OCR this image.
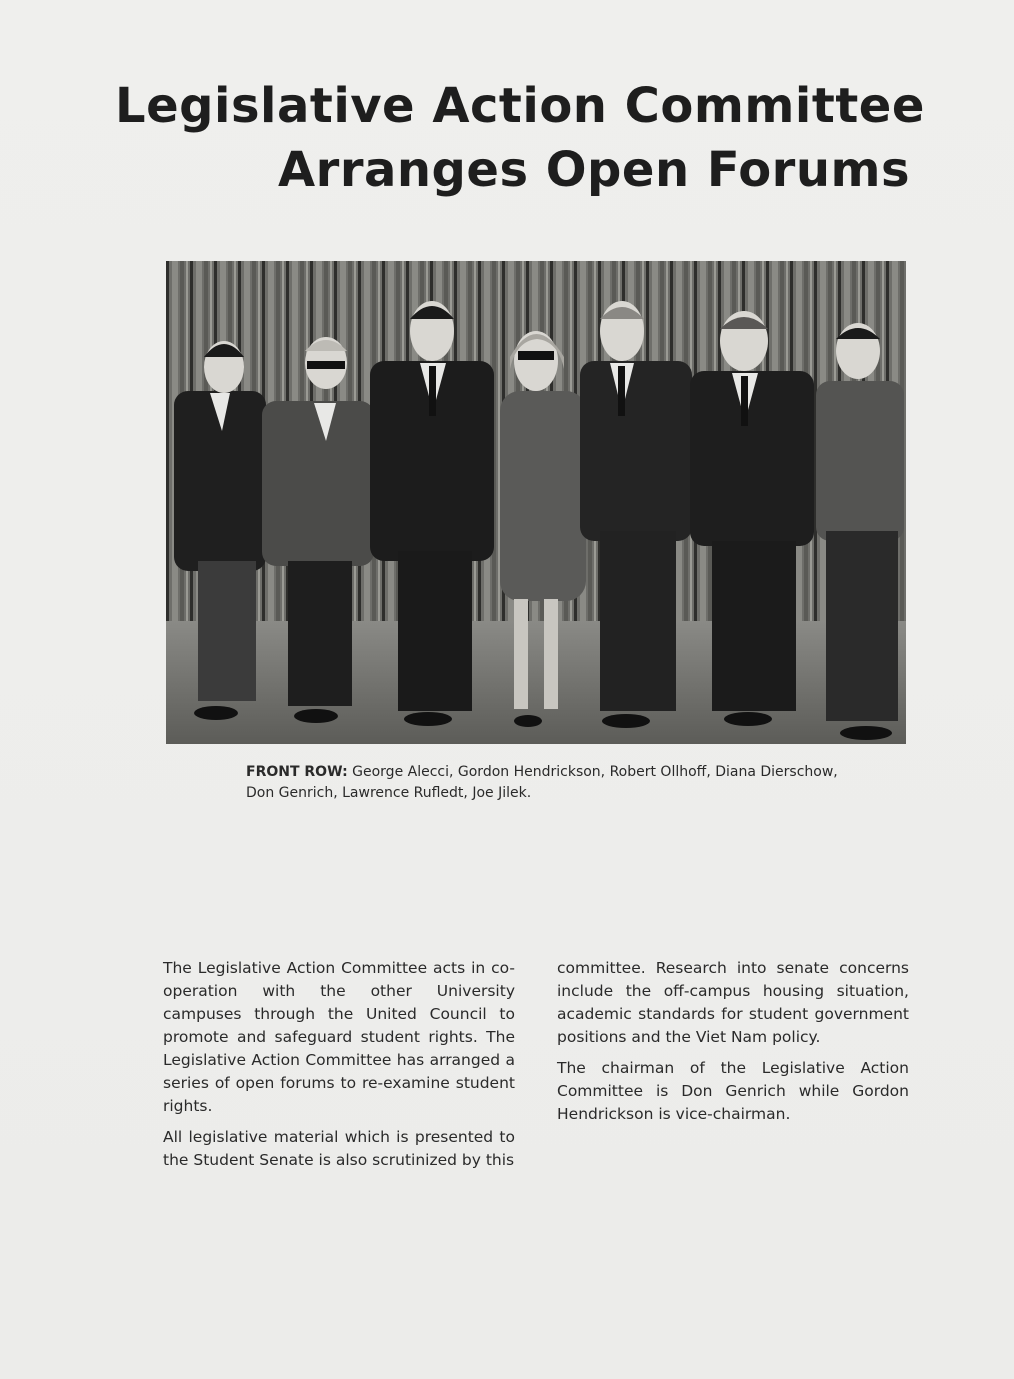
Legislative Action Committee
Arranges Open Forums
FRONT ROW: George Alecci, Gordon Hendrickson, Robert Ollhoff, Diana Dierschow, Don Genrich, Lawrence Rufledt, Joe Jilek.

The Legislative Action Committee acts in co-operation with the other University campuses through the United Council to promote and safeguard student rights. The Legislative Action Committee has arranged a series of open forums to re-examine student rights.

All legislative material which is presented to the Student Senate is also scrutinized by this

committee. Research into senate concerns include the off-campus housing situation, academic standards for student government positions and the Viet Nam policy.

The chairman of the Legislative Action Committee is Don Genrich while Gordon Hendrickson is vice-chairman.
